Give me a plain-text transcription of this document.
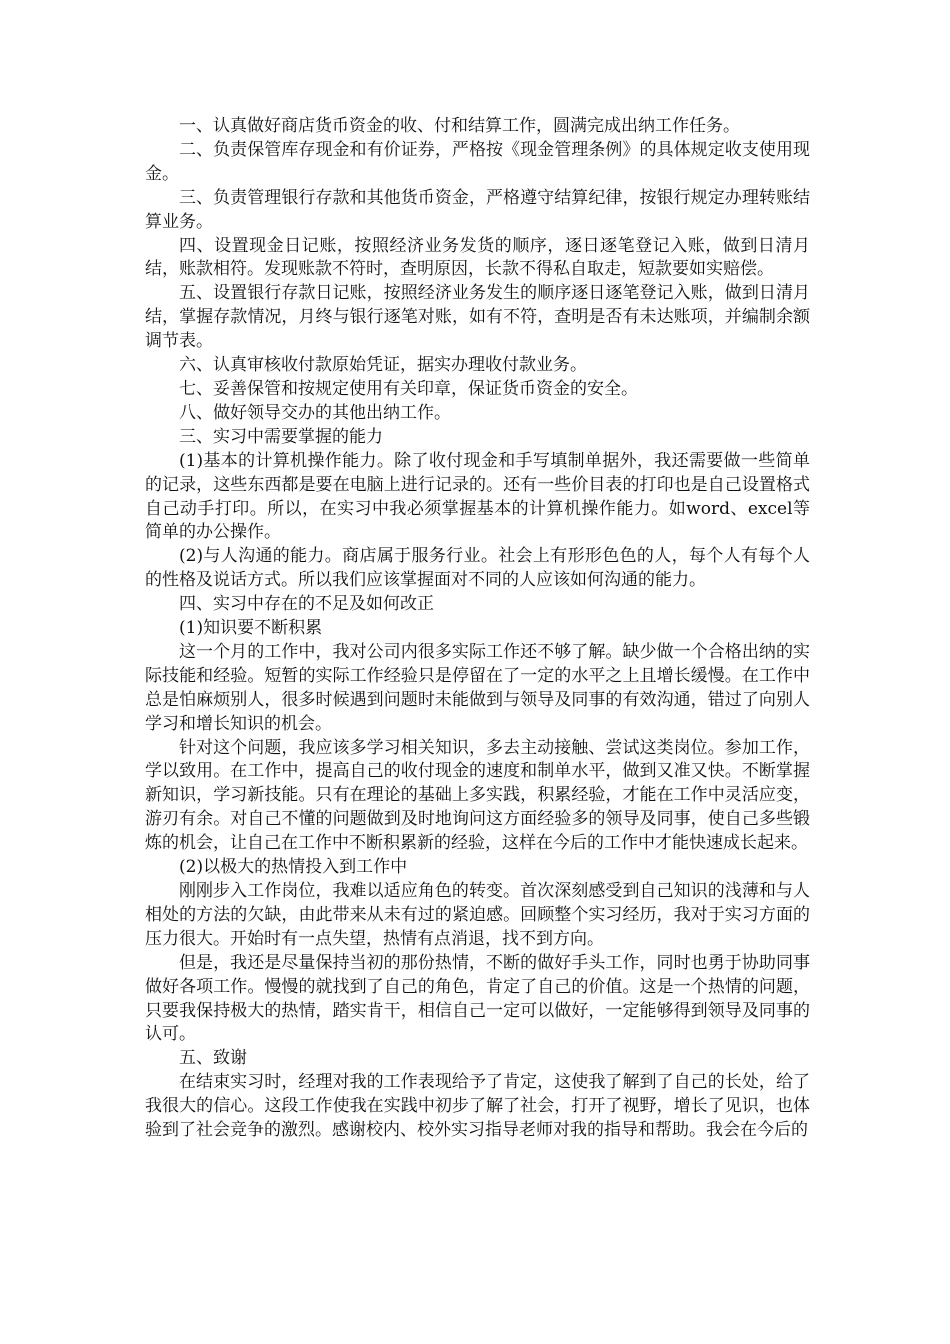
一、认真做好商店货币资金的收、付和结算工作，圆满完成出纳工作任务。

二、负责保管库存现金和有价证券，严格按《现金管理条例》的具体规定收支使用现金。

三、负责管理银行存款和其他货币资金，严格遵守结算纪律，按银行规定办理转账结算业务。

四、设置现金日记账，按照经济业务发货的顺序，逐日逐笔登记入账，做到日清月结，账款相符。发现账款不符时，查明原因，长款不得私自取走，短款要如实赔偿。

五、设置银行存款日记账，按照经济业务发生的顺序逐日逐笔登记入账，做到日清月结，掌握存款情况，月终与银行逐笔对账，如有不符，查明是否有未达账项，并编制余额调节表。

六、认真审核收付款原始凭证，据实办理收付款业务。

七、妥善保管和按规定使用有关印章，保证货币资金的安全。

八、做好领导交办的其他出纳工作。

三、实习中需要掌握的能力

(1)基本的计算机操作能力。除了收付现金和手写填制单据外，我还需要做一些简单的记录，这些东西都是要在电脑上进行记录的。还有一些价目表的打印也是自己设置格式自己动手打印。所以，在实习中我必须掌握基本的计算机操作能力。如word、excel等简单的办公操作。

(2)与人沟通的能力。商店属于服务行业。社会上有形形色色的人，每个人有每个人的性格及说话方式。所以我们应该掌握面对不同的人应该如何沟通的能力。

四、实习中存在的不足及如何改正

(1)知识要不断积累

这一个月的工作中，我对公司内很多实际工作还不够了解。缺少做一个合格出纳的实际技能和经验。短暂的实际工作经验只是停留在了一定的水平之上且增长缓慢。在工作中总是怕麻烦别人，很多时候遇到问题时未能做到与领导及同事的有效沟通，错过了向别人学习和增长知识的机会。

针对这个问题，我应该多学习相关知识，多去主动接触、尝试这类岗位。参加工作，学以致用。在工作中，提高自己的收付现金的速度和制单水平，做到又准又快。不断掌握新知识，学习新技能。只有在理论的基础上多实践，积累经验，才能在工作中灵活应变，游刃有余。对自己不懂的问题做到及时地询问这方面经验多的领导及同事，使自己多些锻炼的机会，让自己在工作中不断积累新的经验，这样在今后的工作中才能快速成长起来。

(2)以极大的热情投入到工作中

刚刚步入工作岗位，我难以适应角色的转变。首次深刻感受到自己知识的浅薄和与人相处的方法的欠缺，由此带来从未有过的紧迫感。回顾整个实习经历，我对于实习方面的压力很大。开始时有一点失望，热情有点消退，找不到方向。

但是，我还是尽量保持当初的那份热情，不断的做好手头工作，同时也勇于协助同事做好各项工作。慢慢的就找到了自己的角色，肯定了自己的价值。这是一个热情的问题，只要我保持极大的热情，踏实肯干，相信自己一定可以做好，一定能够得到领导及同事的认可。

五、致谢

在结束实习时，经理对我的工作表现给予了肯定，这使我了解到了自己的长处，给了我很大的信心。这段工作使我在实践中初步了解了社会，打开了视野，增长了见识，也体验到了社会竞争的激烈。感谢校内、校外实习指导老师对我的指导和帮助。我会在今后的
